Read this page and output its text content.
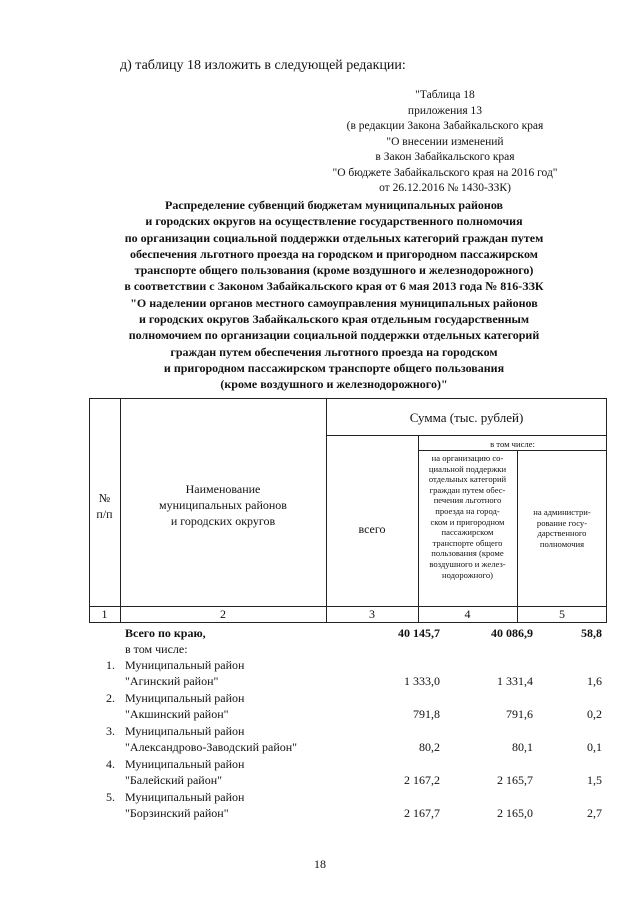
д) таблицу 18 изложить в следующей редакции:
"Таблица 18
приложения 13
(в редакции Закона Забайкальского края
"О внесении изменений
в Закон Забайкальского края
"О бюджете Забайкальского края на 2016 год"
от 26.12.2016 № 1430-ЗЗК)
Распределение субвенций бюджетам муниципальных районов
и городских округов на осуществление государственного полномочия
по организации социальной поддержки отдельных категорий граждан путем
обеспечения льготного проезда на городском и пригородном пассажирском
транспорте общего пользования (кроме воздушного и железнодорожного)
в соответствии с Законом Забайкальского края от 6 мая 2013 года № 816-ЗЗК
"О наделении органов местного самоуправления муниципальных районов
и городских округов Забайкальского края отдельным государственным
полномочием по организации социальной поддержки отдельных категорий
граждан путем обеспечения льготного проезда на городском
и пригородном пассажирском транспорте общего пользования
(кроме воздушного и железнодорожного)"
№
п/п
Наименование
муниципальных районов
и городских округов
Сумма (тыс. рублей)
в том числе:
всего
на организацию со-
циальной поддержки
отдельных категорий
граждан путем обес-
печения льготного
проезда на город-
ском и пригородном
пассажирском
транспорте общего
пользования (кроме
воздушного и желез-
нодорожного)
на администри-
рование госу-
дарственного
полномочия
1	2	3	4	5
Всего по краю,	40 145,7	40 086,9	58,8
в том числе:
1. Муниципальный район
"Агинский район"	1 333,0	1 331,4	1,6
2. Муниципальный район
"Акшинский район"	791,8	791,6	0,2
3. Муниципальный район
"Александрово-Заводский район"	80,2	80,1	0,1
4. Муниципальный район
"Балейский район"	2 167,2	2 165,7	1,5
5. Муниципальный район
"Борзинский район"	2 167,7	2 165,0	2,7
18
